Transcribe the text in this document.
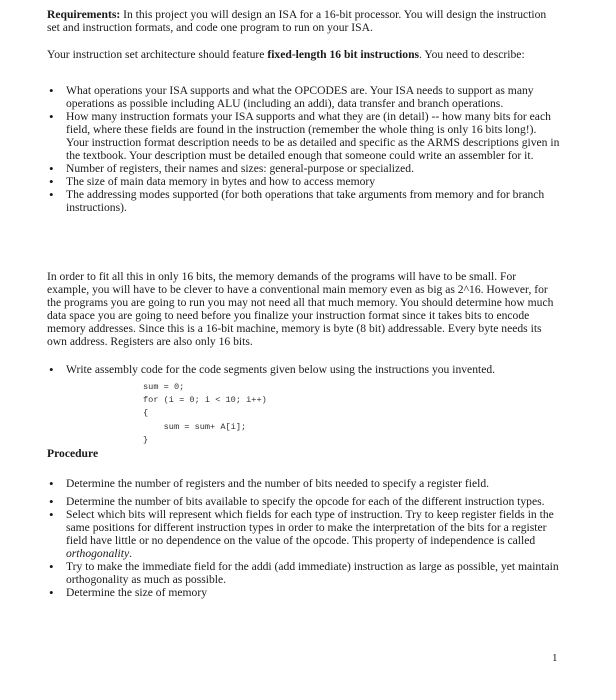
Requirements: In this project you will design an ISA for a 16-bit processor. You will design the instruction set and instruction formats, and code one program to run on your ISA.

Your instruction set architecture should feature fixed-length 16 bit instructions. You need to describe:

• What operations your ISA supports and what the OPCODES are. Your ISA needs to support as many operations as possible including ALU (including an addi), data transfer and branch operations.
• How many instruction formats your ISA supports and what they are (in detail) -- how many bits for each field, where these fields are found in the instruction (remember the whole thing is only 16 bits long!). Your instruction format description needs to be as detailed and specific as the ARMS descriptions given in the textbook. Your description must be detailed enough that someone could write an assembler for it.
• Number of registers, their names and sizes: general-purpose or specialized.
• The size of main data memory in bytes and how to access memory
• The addressing modes supported (for both operations that take arguments from memory and for branch instructions).

In order to fit all this in only 16 bits, the memory demands of the programs will have to be small. For example, you will have to be clever to have a conventional main memory even as big as 2^16. However, for the programs you are going to run you may not need all that much memory. You should determine how much data space you are going to need before you finalize your instruction format since it takes bits to encode memory addresses. Since this is a 16-bit machine, memory is byte (8 bit) addressable. Every byte needs its own address. Registers are also only 16 bits.

• Write assembly code for the code segments given below using the instructions you invented.
sum = 0;
for (i = 0; i < 10; i++)
{
sum = sum+ A[i];
}

Procedure

• Determine the number of registers and the number of bits needed to specify a register field.
• Determine the number of bits available to specify the opcode for each of the different instruction types.
• Select which bits will represent which fields for each type of instruction. Try to keep register fields in the same positions for different instruction types in order to make the interpretation of the bits for a register field have little or no dependence on the value of the opcode. This property of independence is called orthogonality.
• Try to make the immediate field for the addi (add immediate) instruction as large as possible, yet maintain orthogonality as much as possible.
• Determine the size of memory

1
